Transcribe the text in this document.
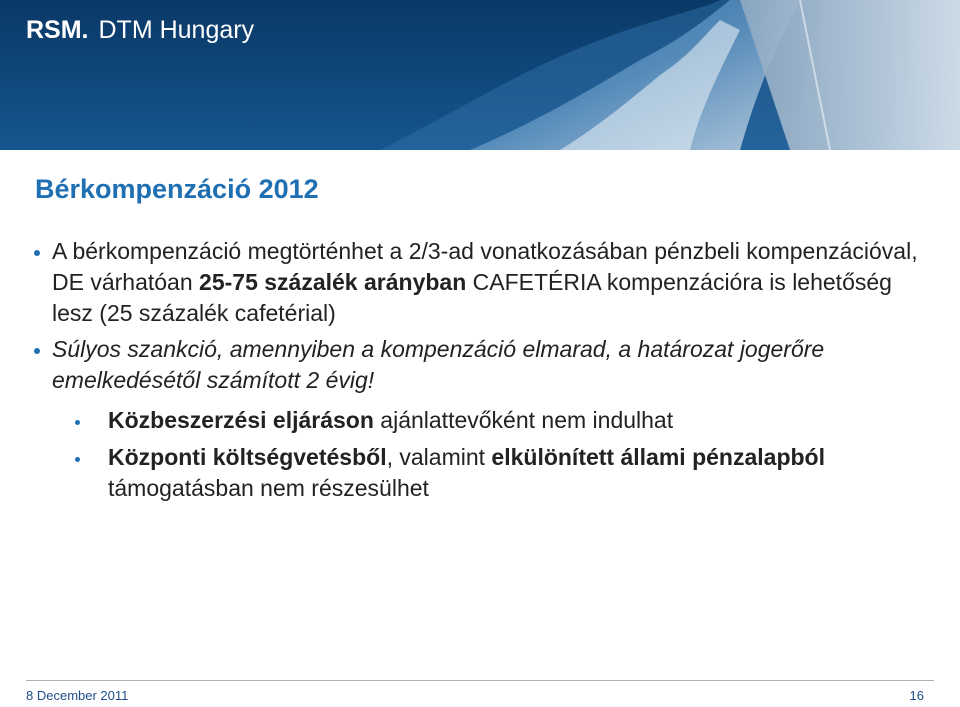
RSM. DTM Hungary
Bérkompenzáció 2012
A bérkompenzáció megtörténhet a 2/3-ad vonatkozásában pénzbeli kompenzációval, DE várhatóan 25-75 százalék arányban CAFETÉRIA kompenzációra is lehetőség lesz (25 százalék cafetérial)
Súlyos szankció, amennyiben a kompenzáció elmarad, a határozat jogerőre emelkedésétől számított 2 évig!
Közbeszerzési eljáráson ajánlattevőként nem indulhat
Központi költségvetésből, valamint elkülönített állami pénzalapból támogatásban nem részesülhet
8 December 2011	16
